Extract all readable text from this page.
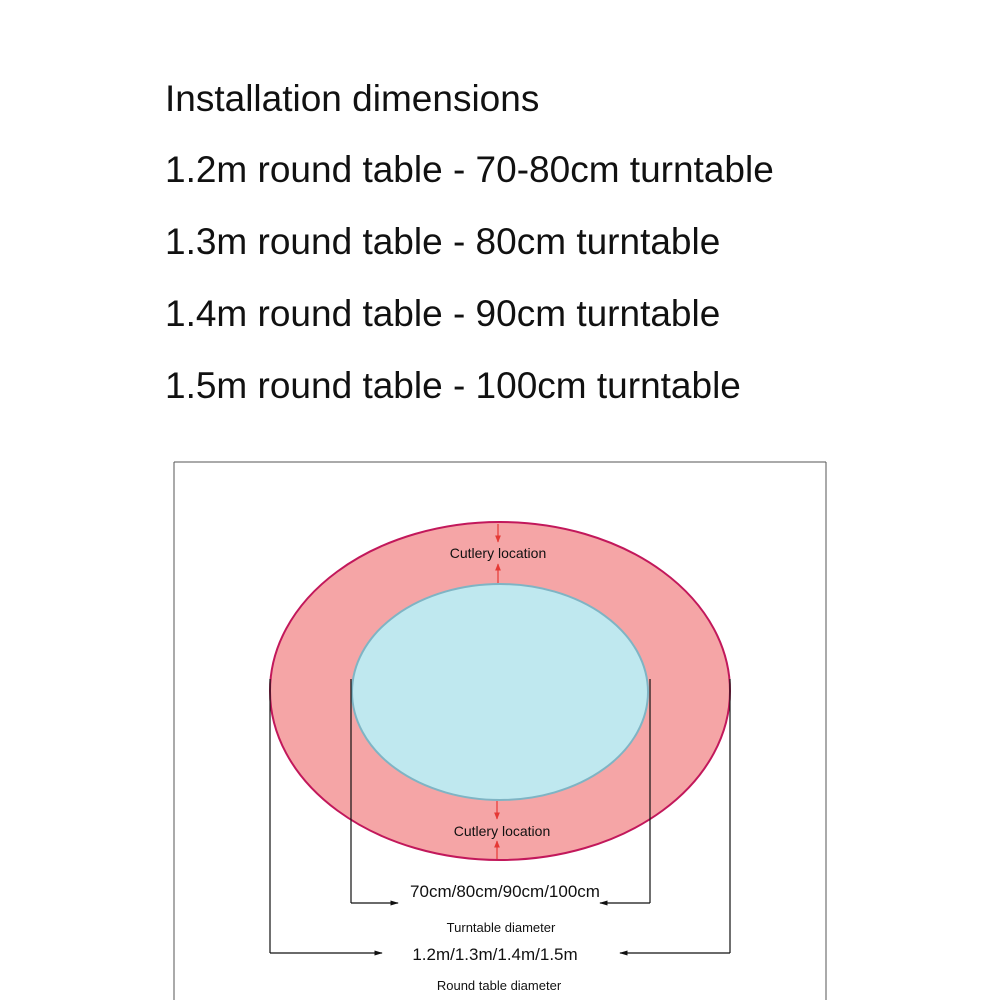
Installation dimensions

1.2m round table - 70-80cm turntable

1.3m round table - 80cm turntable

1.4m round table - 90cm turntable

1.5m round table - 100cm turntable

Cutlery location
Cutlery location
70cm/80cm/90cm/100cm
Turntable diameter
1.2m/1.3m/1.4m/1.5m
Round table diameter
